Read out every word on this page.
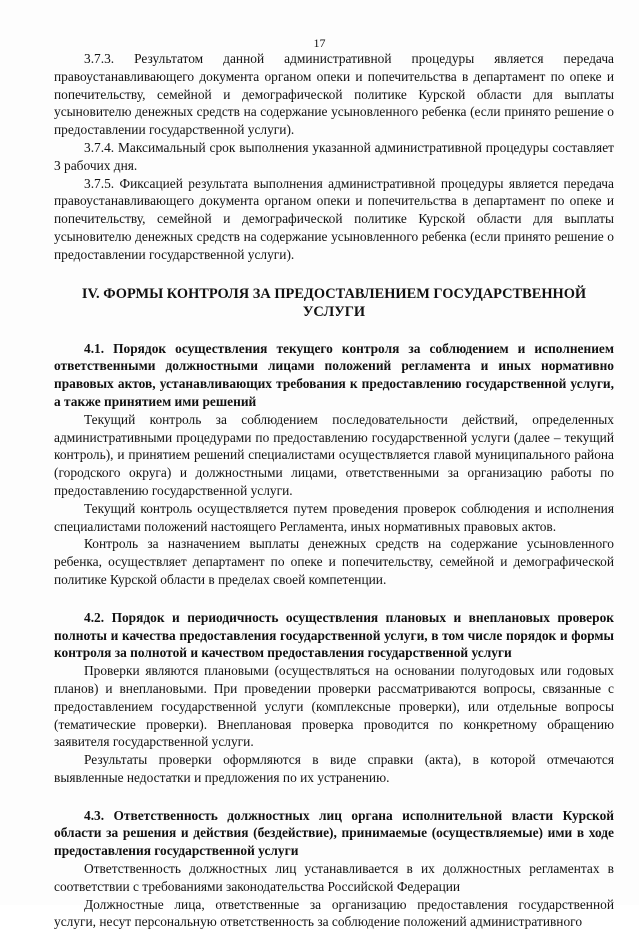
17

3.7.3. Результатом данной административной процедуры является передача правоустанавливающего документа органом опеки и попечительства в департамент по опеке и попечительству, семейной и демографической политике Курской области для выплаты усыновителю денежных средств на содержание усыновленного ребенка (если принято решение о предоставлении государственной услуги).

3.7.4. Максимальный срок выполнения указанной административной процедуры составляет 3 рабочих дня.

3.7.5. Фиксацией результата выполнения административной процедуры является передача правоустанавливающего документа органом опеки и попечительства в департамент по опеке и попечительству, семейной и демографической политике Курской области для выплаты усыновителю денежных средств на содержание усыновленного ребенка (если принято решение о предоставлении государственной услуги).

IV. ФОРМЫ КОНТРОЛЯ ЗА ПРЕДОСТАВЛЕНИЕМ ГОСУДАРСТВЕННОЙ УСЛУГИ

4.1. Порядок осуществления текущего контроля за соблюдением и исполнением ответственными должностными лицами положений регламента и иных нормативно правовых актов, устанавливающих требования к предоставлению государственной услуги, а также принятием ими решений

Текущий контроль за соблюдением последовательности действий, определенных административными процедурами по предоставлению государственной услуги (далее – текущий контроль), и принятием решений специалистами осуществляется главой муниципального района (городского округа) и должностными лицами, ответственными за организацию работы по предоставлению государственной услуги.

Текущий контроль осуществляется путем проведения проверок соблюдения и исполнения специалистами положений настоящего Регламента, иных нормативных правовых актов.

Контроль за назначением выплаты денежных средств на содержание усыновленного ребенка, осуществляет департамент по опеке и попечительству, семейной и демографической политике Курской области в пределах своей компетенции.

4.2. Порядок и периодичность осуществления плановых и внеплановых проверок полноты и качества предоставления государственной услуги, в том числе порядок и формы контроля за полнотой и качеством предоставления государственной услуги

Проверки являются плановыми (осуществляться на основании полугодовых или годовых планов) и внеплановыми. При проведении проверки рассматриваются вопросы, связанные с предоставлением государственной услуги (комплексные проверки), или отдельные вопросы (тематические проверки). Внеплановая проверка проводится по конкретному обращению заявителя государственной услуги.

Результаты проверки оформляются в виде справки (акта), в которой отмечаются выявленные недостатки и предложения по их устранению.

4.3. Ответственность должностных лиц органа исполнительной власти Курской области за решения и действия (бездействие), принимаемые (осуществляемые) ими в ходе предоставления государственной услуги

Ответственность должностных лиц устанавливается в их должностных регламентах в соответствии с требованиями законодательства Российской Федерации

Должностные лица, ответственные за организацию предоставления государственной услуги, несут персональную ответственность за соблюдение положений административного
